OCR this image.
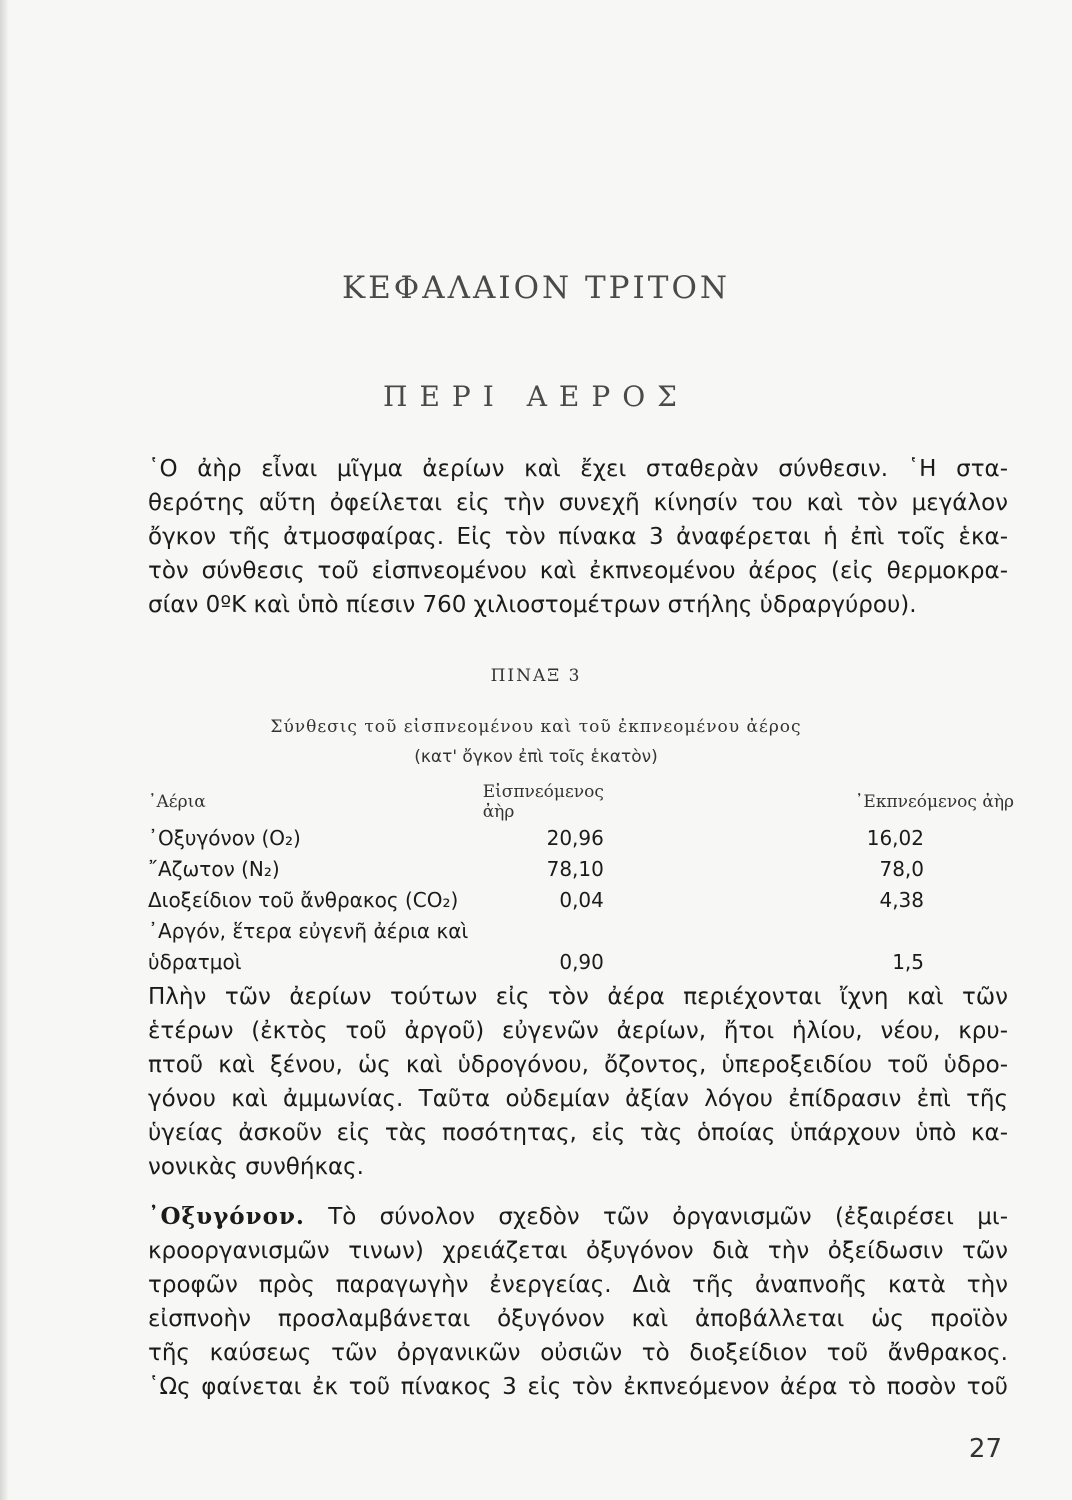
ΚΕΦΑΛΑΙΟΝ ΤΡΙΤΟΝ
ΠΕΡΙ ΑΕΡΟΣ
῾Ο ἀὴρ εἶναι μῖγμα ἀερίων καὶ ἔχει σταθερὰν σύνθεσιν. ῾Η στα-
θερότης αὕτη ὀφείλεται εἰς τὴν συνεχῆ κίνησίν του καὶ τὸν μεγάλον
ὄγκον τῆς ἀτμοσφαίρας. Εἰς τὸν πίνακα 3 ἀναφέρεται ἡ ἐπὶ τοῖς ἑκα-
τὸν σύνθεσις τοῦ εἰσπνεομένου καὶ ἐκπνεομένου ἀέρος (εἰς θερμοκρα-
σίαν 0ºΚ καὶ ὑπὸ πίεσιν 760 χιλιοστομέτρων στήλης ὑδραργύρου).
ΠΙΝΑΞ 3
Σύνθεσις τοῦ εἰσπνεομένου καὶ τοῦ ἐκπνεομένου ἀέρος
(κατ' ὄγκον ἐπὶ τοῖς ἑκατὸν)
᾿Αέρια	Εἰσπνεόμενος ἀὴρ	᾿Εκπνεόμενος ἀὴρ
᾿Οξυγόνον (O₂)	20,96	16,02
῎Αζωτον (N₂)	78,10	78,0
Διοξείδιον τοῦ ἄνθρακος (CO₂)	0,04	4,38
᾿Αργόν, ἕτερα εὐγενῆ ἀέρια καὶ		
ὑδρατμοὶ	0,90	1,5
Πλὴν τῶν ἀερίων τούτων εἰς τὸν ἀέρα περιέχονται ἴχνη καὶ τῶν
ἑτέρων (ἐκτὸς τοῦ ἀργοῦ) εὐγενῶν ἀερίων, ἤτοι ἡλίου, νέου, κρυ-
πτοῦ καὶ ξένου, ὡς καὶ ὑδρογόνου, ὄζοντος, ὑπεροξειδίου τοῦ ὑδρο-
γόνου καὶ ἀμμωνίας. Ταῦτα οὐδεμίαν ἀξίαν λόγου ἐπίδρασιν ἐπὶ τῆς
ὑγείας ἀσκοῦν εἰς τὰς ποσότητας, εἰς τὰς ὁποίας ὑπάρχουν ὑπὸ κα-
νονικὰς συνθήκας.
᾿Οξυγόνον. Τὸ σύνολον σχεδὸν τῶν ὀργανισμῶν (ἐξαιρέσει μι-
κροοργανισμῶν τινων) χρειάζεται ὀξυγόνον διὰ τὴν ὀξείδωσιν τῶν
τροφῶν πρὸς παραγωγὴν ἐνεργείας. Διὰ τῆς ἀναπνοῆς κατὰ τὴν
εἰσπνοὴν προσλαμβάνεται ὀξυγόνον καὶ ἀποβάλλεται ὡς προϊὸν
τῆς καύσεως τῶν ὀργανικῶν οὐσιῶν τὸ διοξείδιον τοῦ ἄνθρακος.
῾Ως φαίνεται ἐκ τοῦ πίνακος 3 εἰς τὸν ἐκπνεόμενον ἀέρα τὸ ποσὸν τοῦ
27
